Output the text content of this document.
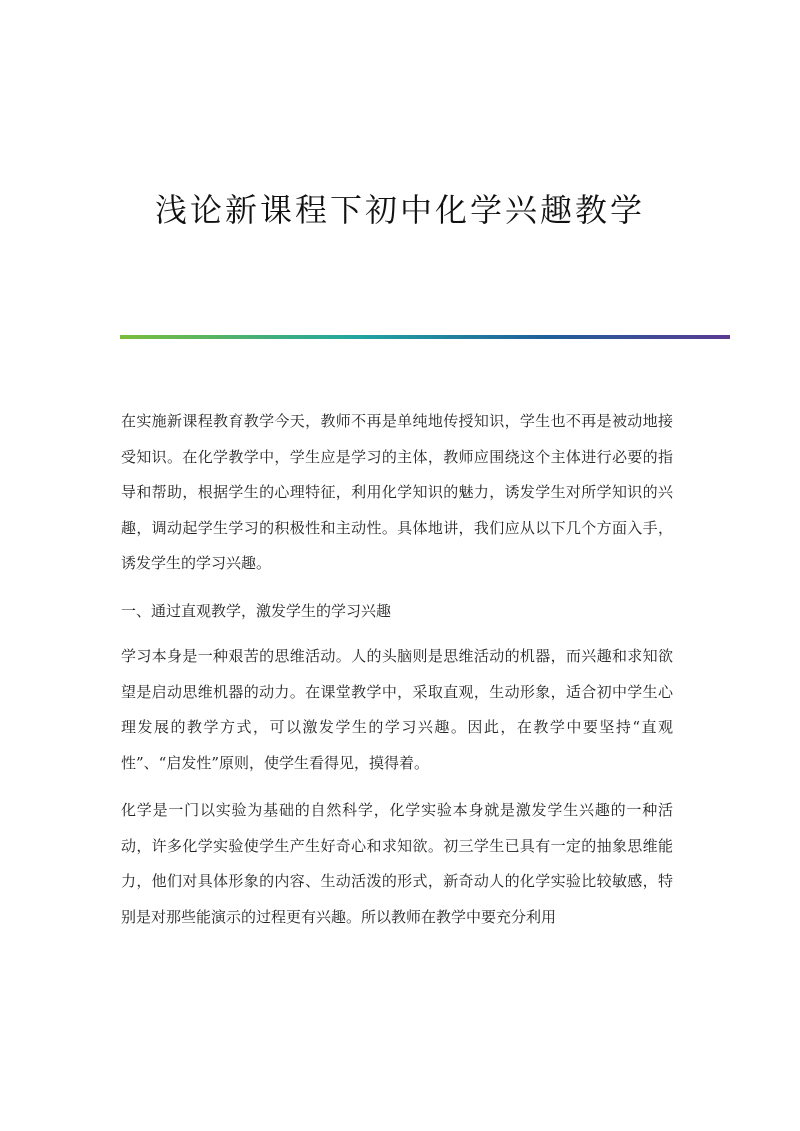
浅论新课程下初中化学兴趣教学

在实施新课程教育教学今天，教师不再是单纯地传授知识，学生也不再是被动地接受知识。在化学教学中，学生应是学习的主体，教师应围绕这个主体进行必要的指导和帮助，根据学生的心理特征，利用化学知识的魅力，诱发学生对所学知识的兴趣，调动起学生学习的积极性和主动性。具体地讲，我们应从以下几个方面入手，诱发学生的学习兴趣。

一、通过直观教学，激发学生的学习兴趣

学习本身是一种艰苦的思维活动。人的头脑则是思维活动的机器，而兴趣和求知欲望是启动思维机器的动力。在课堂教学中，采取直观，生动形象，适合初中学生心理发展的教学方式，可以激发学生的学习兴趣。因此，在教学中要坚持“直观性”、“启发性”原则，使学生看得见，摸得着。

化学是一门以实验为基础的自然科学，化学实验本身就是激发学生兴趣的一种活动，许多化学实验使学生产生好奇心和求知欲。初三学生已具有一定的抽象思维能力，他们对具体形象的内容、生动活泼的形式，新奇动人的化学实验比较敏感，特别是对那些能演示的过程更有兴趣。所以教师在教学中要充分利用
